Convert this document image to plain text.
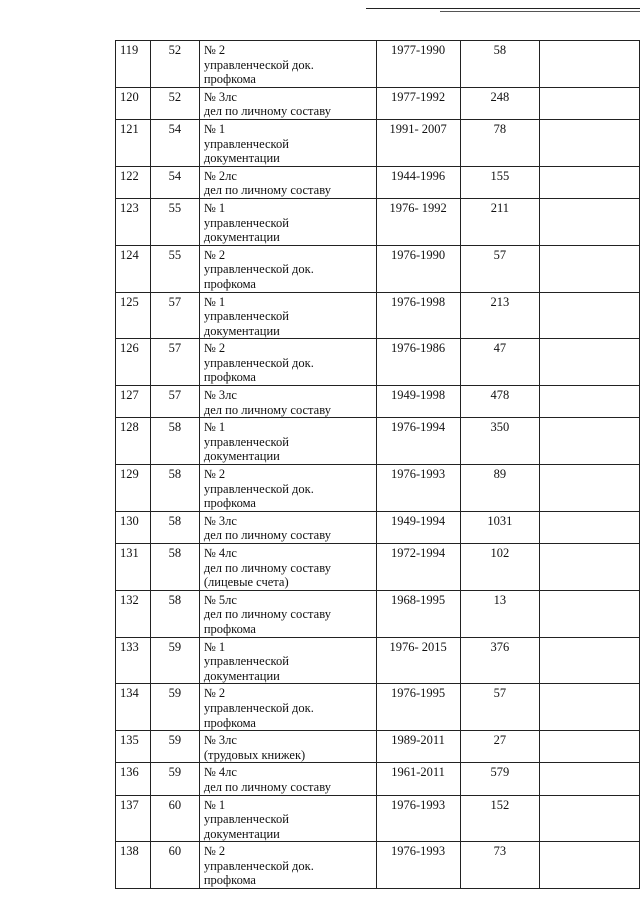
119	52	№ 2
управленческой док.
профкома	1977-1990	58	
120	52	№ 3лс
дел по личному составу	1977-1992	248	
121	54	№ 1
управленческой
документации	1991- 2007	78	
122	54	№ 2лс
дел по личному составу	1944-1996	155	
123	55	№ 1
управленческой
документации	1976- 1992	211	
124	55	№ 2
управленческой док.
профкома	1976-1990	57	
125	57	№ 1
управленческой
документации	1976-1998	213	
126	57	№ 2
управленческой док.
профкома	1976-1986	47	
127	57	№ 3лс
дел по личному составу	1949-1998	478	
128	58	№ 1
управленческой
документации	1976-1994	350	
129	58	№ 2
управленческой док.
профкома	1976-1993	89	
130	58	№ 3лс
дел по личному составу	1949-1994	1031	
131	58	№ 4лс
дел по личному составу
(лицевые счета)	1972-1994	102	
132	58	№ 5лс
дел по личному составу
профкома	1968-1995	13	
133	59	№ 1
управленческой
документации	1976- 2015	376	
134	59	№ 2
управленческой док.
профкома	1976-1995	57	
135	59	№ 3лс
(трудовых книжек)	1989-2011	27	
136	59	№ 4лс
дел по личному составу	1961-2011	579	
137	60	№ 1
управленческой
документации	1976-1993	152	
138	60	№ 2
управленческой док.
профкома	1976-1993	73	
